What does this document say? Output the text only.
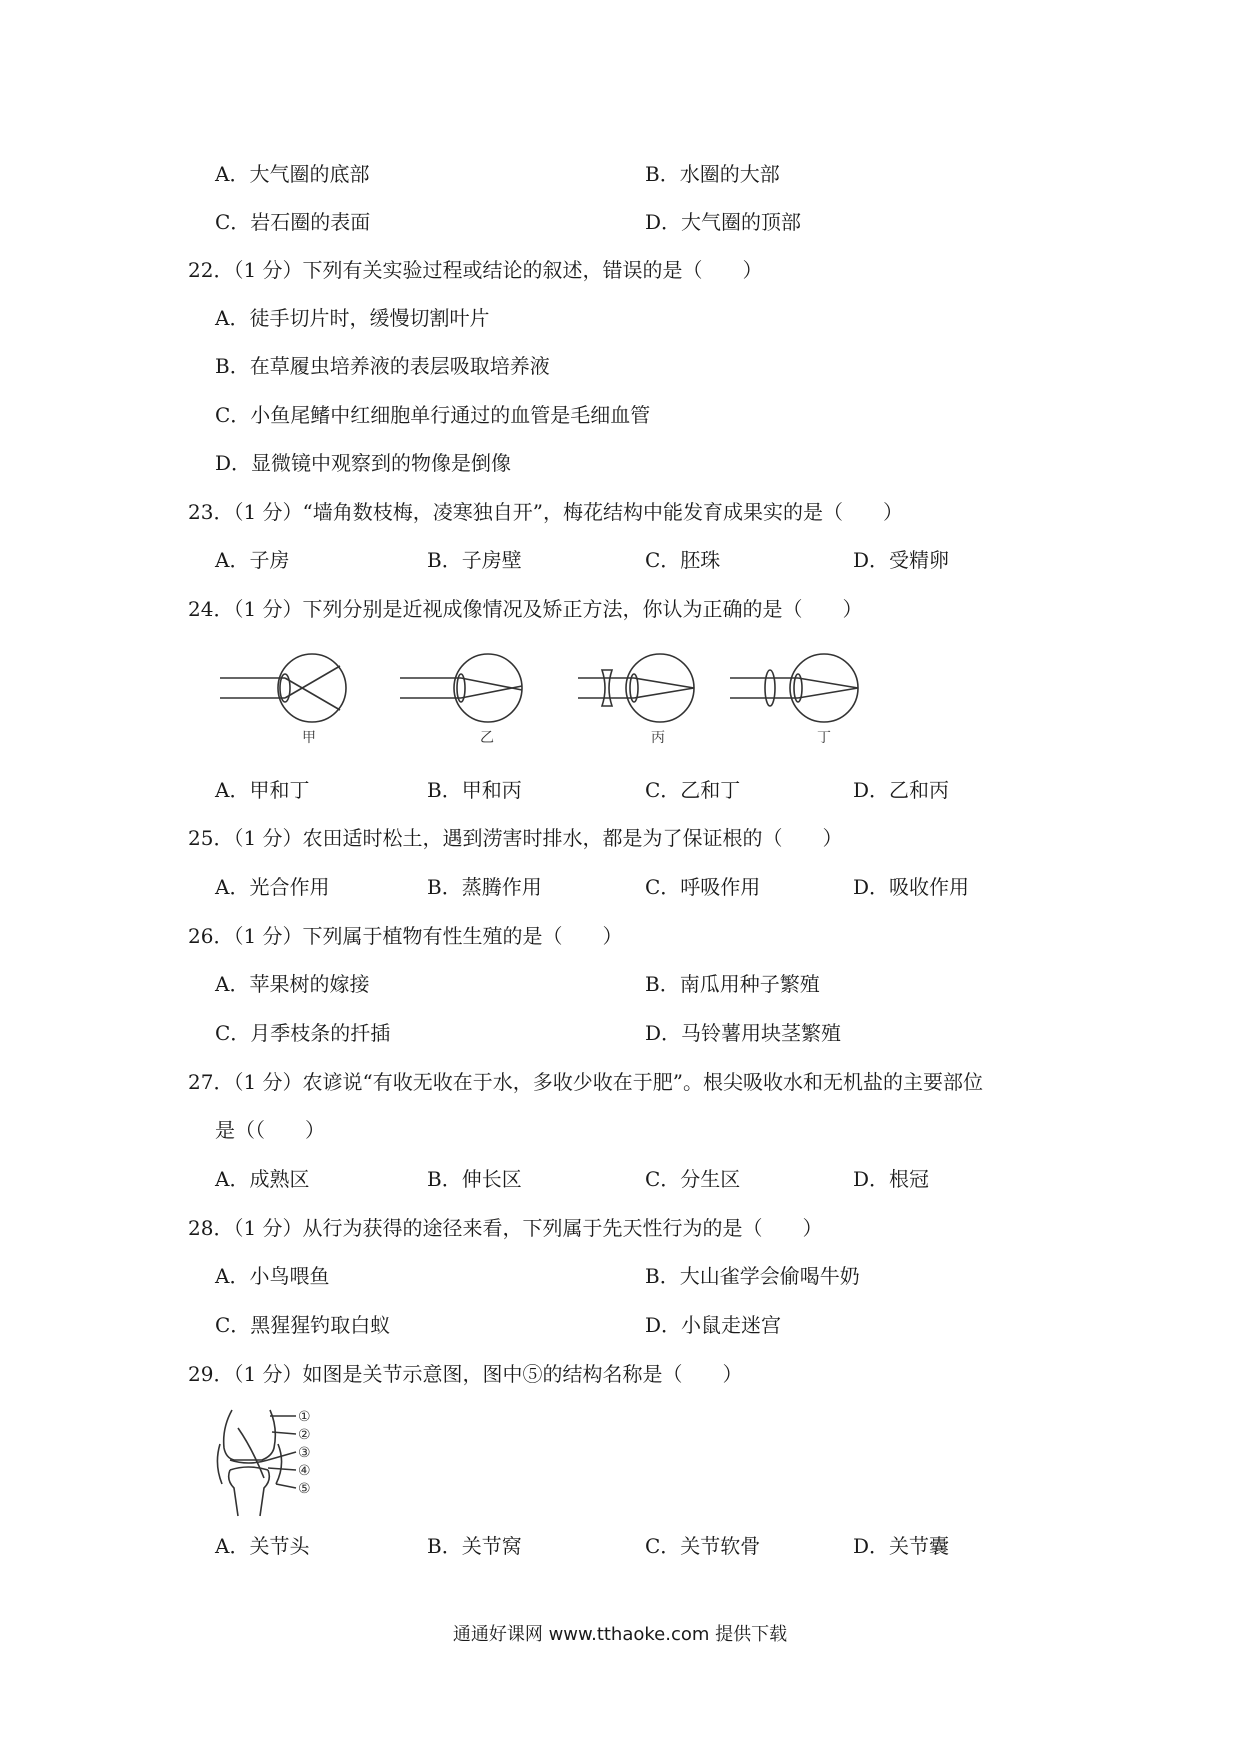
A．大气圈的底部	B．水圈的大部
C．岩石圈的表面	D．大气圈的顶部
22．（1 分）下列有关实验过程或结论的叙述，错误的是（　　）
A．徒手切片时，缓慢切割叶片
B．在草履虫培养液的表层吸取培养液
C．小鱼尾鳍中红细胞单行通过的血管是毛细血管
D．显微镜中观察到的物像是倒像
23．（1 分）“墙角数枝梅，凌寒独自开”，梅花结构中能发育成果实的是（　　）
A．子房	B．子房壁	C．胚珠	D．受精卵
24．（1 分）下列分别是近视成像情况及矫正方法，你认为正确的是（　　）
甲	乙	丙	丁
A．甲和丁	B．甲和丙	C．乙和丁	D．乙和丙
25．（1 分）农田适时松土，遇到涝害时排水，都是为了保证根的（　　）
A．光合作用	B．蒸腾作用	C．呼吸作用	D．吸收作用
26．（1 分）下列属于植物有性生殖的是（　　）
A．苹果树的嫁接	B．南瓜用种子繁殖
C．月季枝条的扦插	D．马铃薯用块茎繁殖
27．（1 分）农谚说“有收无收在于水，多收少收在于肥”。根尖吸收水和无机盐的主要部位
是（（　　）
A．成熟区	B．伸长区	C．分生区	D．根冠
28．（1 分）从行为获得的途径来看，下列属于先天性行为的是（　　）
A．小鸟喂鱼	B．大山雀学会偷喝牛奶
C．黑猩猩钓取白蚁	D．小鼠走迷宫
29．（1 分）如图是关节示意图，图中⑤的结构名称是（　　）
①
②
③
④
⑤
A．关节头	B．关节窝	C．关节软骨	D．关节囊
通通好课网 www.tthaoke.com 提供下载
